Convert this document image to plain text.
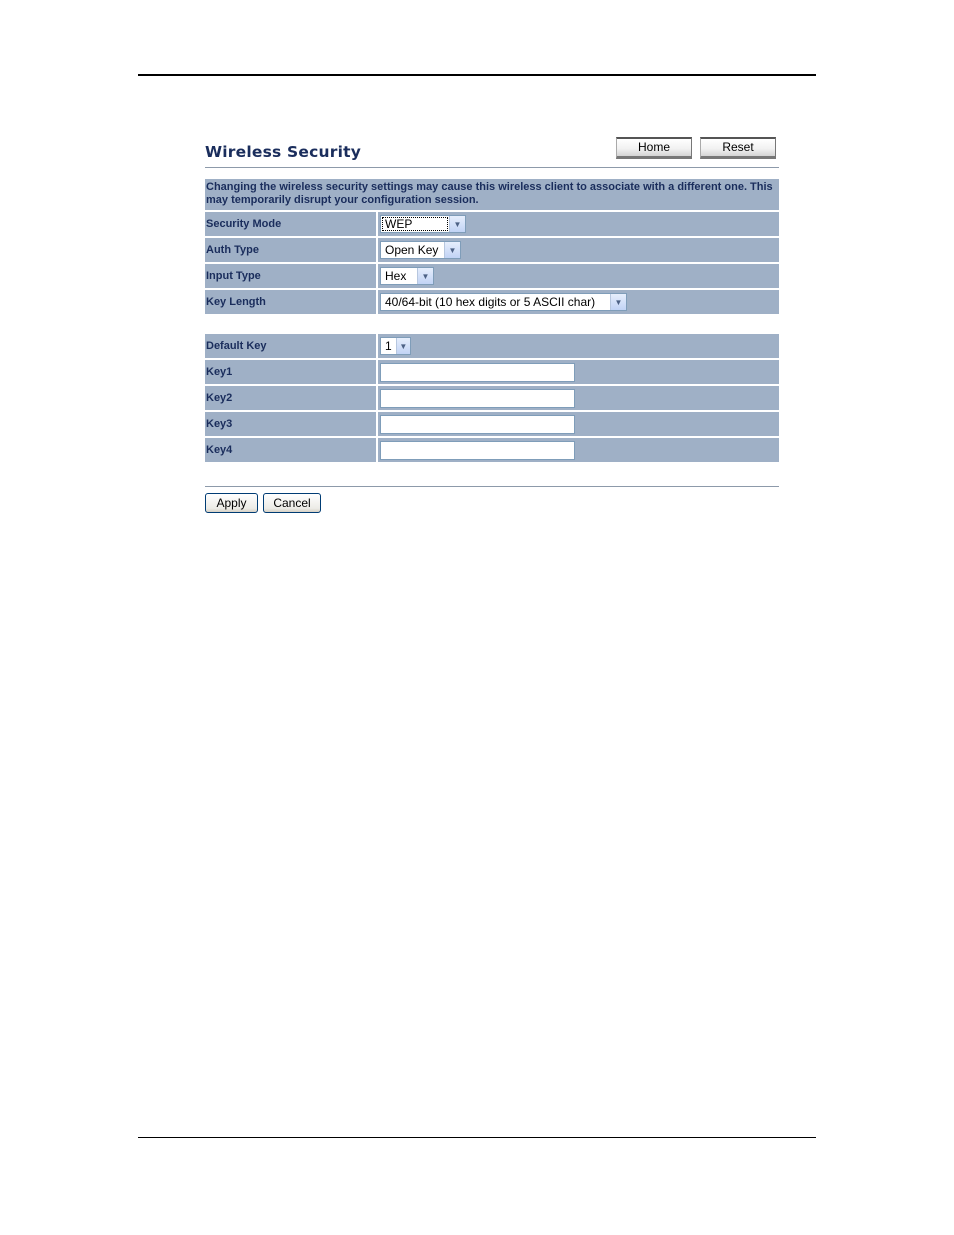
Wireless Security	Home	Reset
Changing the wireless security settings may cause this wireless client to associate with a different one. This may temporarily disrupt your configuration session.
Security Mode	WEP	▼
Auth Type	Open Key	▼
Input Type	Hex	▼
Key Length	40/64-bit (10 hex digits or 5 ASCII char)	▼
Default Key	1 ▼
Key1
Key2
Key3
Key4
Apply	Cancel
